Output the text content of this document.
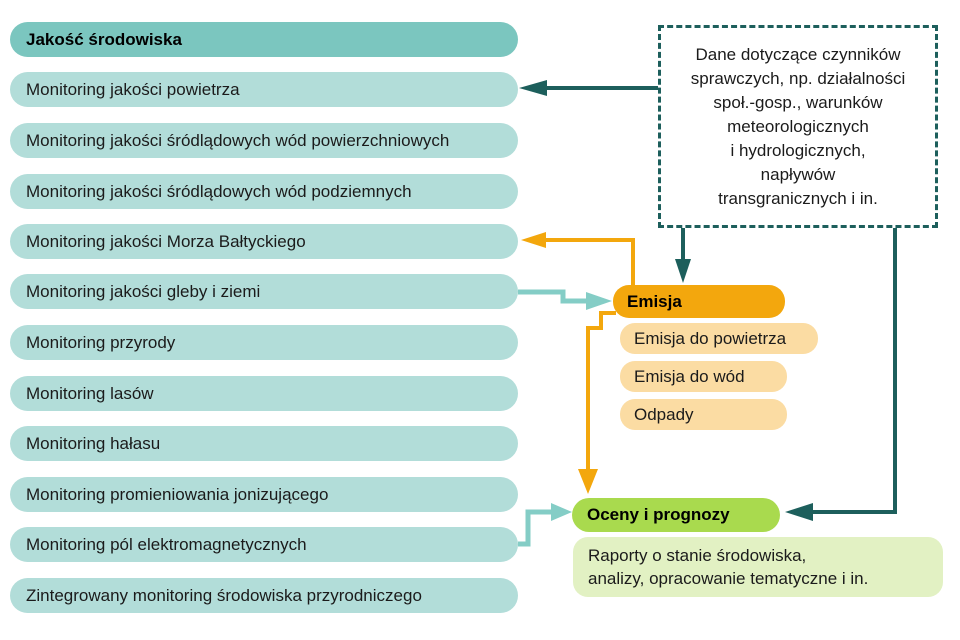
Jakość środowiska
Monitoring jakości powietrza
Monitoring jakości śródlądowych wód powierzchniowych
Monitoring jakości śródlądowych wód podziemnych
Monitoring jakości Morza Bałtyckiego
Monitoring jakości gleby i ziemi
Monitoring przyrody
Monitoring lasów
Monitoring hałasu
Monitoring promieniowania jonizującego
Monitoring pól elektromagnetycznych
Zintegrowany monitoring środowiska przyrodniczego
Dane dotyczące czynników
sprawczych, np. działalności
społ.-gosp., warunków
meteorologicznych
i hydrologicznych,
napływów
transgranicznych i in.
Emisja
Emisja do powietrza
Emisja do wód
Odpady
Oceny i prognozy
Raporty o stanie środowiska,
analizy, opracowanie tematyczne i in.
